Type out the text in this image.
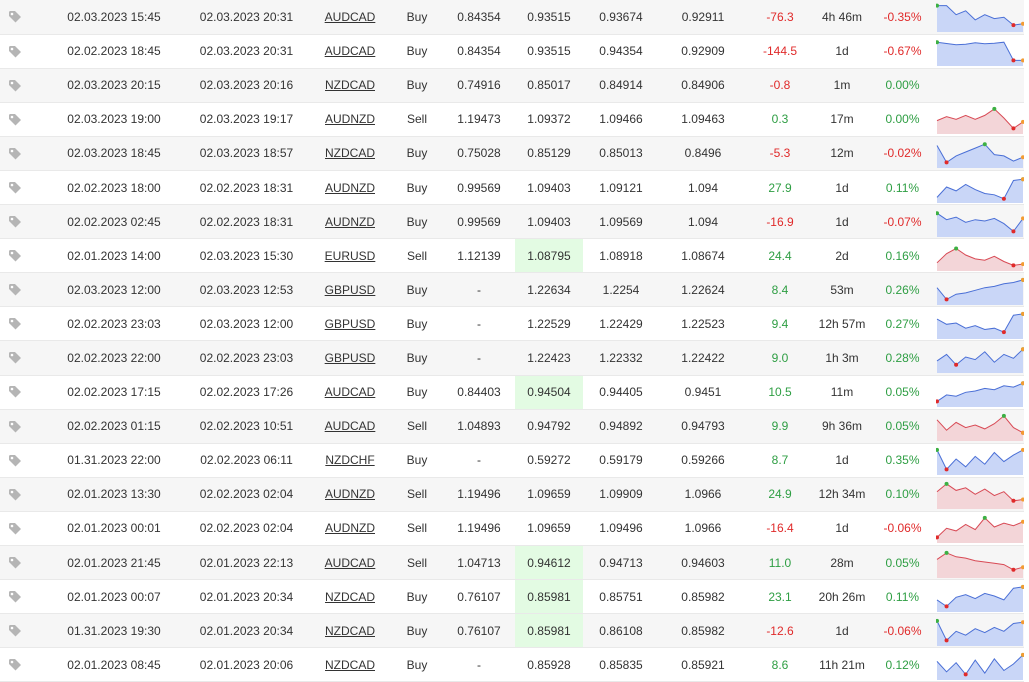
	02.03.2023 15:45	02.03.2023 20:31	AUDCAD	Buy	0.84354	0.93515	0.93674	0.92911	-76.3	4h 46m	-0.35%	

	02.02.2023 18:45	02.03.2023 20:31	AUDCAD	Buy	0.84354	0.93515	0.94354	0.92909	-144.5	1d	-0.67%	

	02.03.2023 20:15	02.03.2023 20:16	NZDCAD	Buy	0.74916	0.85017	0.84914	0.84906	-0.8	1m	0.00%	
	02.03.2023 19:00	02.03.2023 19:17	AUDNZD	Sell	1.19473	1.09372	1.09466	1.09463	0.3	17m	0.00%	

	02.03.2023 18:45	02.03.2023 18:57	NZDCAD	Buy	0.75028	0.85129	0.85013	0.8496	-5.3	12m	-0.02%	

	02.02.2023 18:00	02.02.2023 18:31	AUDNZD	Buy	0.99569	1.09403	1.09121	1.094	27.9	1d	0.11%	

	02.02.2023 02:45	02.02.2023 18:31	AUDNZD	Buy	0.99569	1.09403	1.09569	1.094	-16.9	1d	-0.07%	

	02.01.2023 14:00	02.03.2023 15:30	EURUSD	Sell	1.12139	1.08795	1.08918	1.08674	24.4	2d	0.16%	

	02.03.2023 12:00	02.03.2023 12:53	GBPUSD	Buy	-	1.22634	1.2254	1.22624	8.4	53m	0.26%	

	02.02.2023 23:03	02.03.2023 12:00	GBPUSD	Buy	-	1.22529	1.22429	1.22523	9.4	12h 57m	0.27%	

	02.02.2023 22:00	02.02.2023 23:03	GBPUSD	Buy	-	1.22423	1.22332	1.22422	9.0	1h 3m	0.28%	

	02.02.2023 17:15	02.02.2023 17:26	AUDCAD	Buy	0.84403	0.94504	0.94405	0.9451	10.5	11m	0.05%	

	02.02.2023 01:15	02.02.2023 10:51	AUDCAD	Sell	1.04893	0.94792	0.94892	0.94793	9.9	9h 36m	0.05%	

	01.31.2023 22:00	02.02.2023 06:11	NZDCHF	Buy	-	0.59272	0.59179	0.59266	8.7	1d	0.35%	

	02.01.2023 13:30	02.02.2023 02:04	AUDNZD	Sell	1.19496	1.09659	1.09909	1.0966	24.9	12h 34m	0.10%	

	02.01.2023 00:01	02.02.2023 02:04	AUDNZD	Sell	1.19496	1.09659	1.09496	1.0966	-16.4	1d	-0.06%	

	02.01.2023 21:45	02.01.2023 22:13	AUDCAD	Sell	1.04713	0.94612	0.94713	0.94603	11.0	28m	0.05%	

	02.01.2023 00:07	02.01.2023 20:34	NZDCAD	Buy	0.76107	0.85981	0.85751	0.85982	23.1	20h 26m	0.11%	

	01.31.2023 19:30	02.01.2023 20:34	NZDCAD	Buy	0.76107	0.85981	0.86108	0.85982	-12.6	1d	-0.06%	

	02.01.2023 08:45	02.01.2023 20:06	NZDCAD	Buy	-	0.85928	0.85835	0.85921	8.6	11h 21m	0.12%	
